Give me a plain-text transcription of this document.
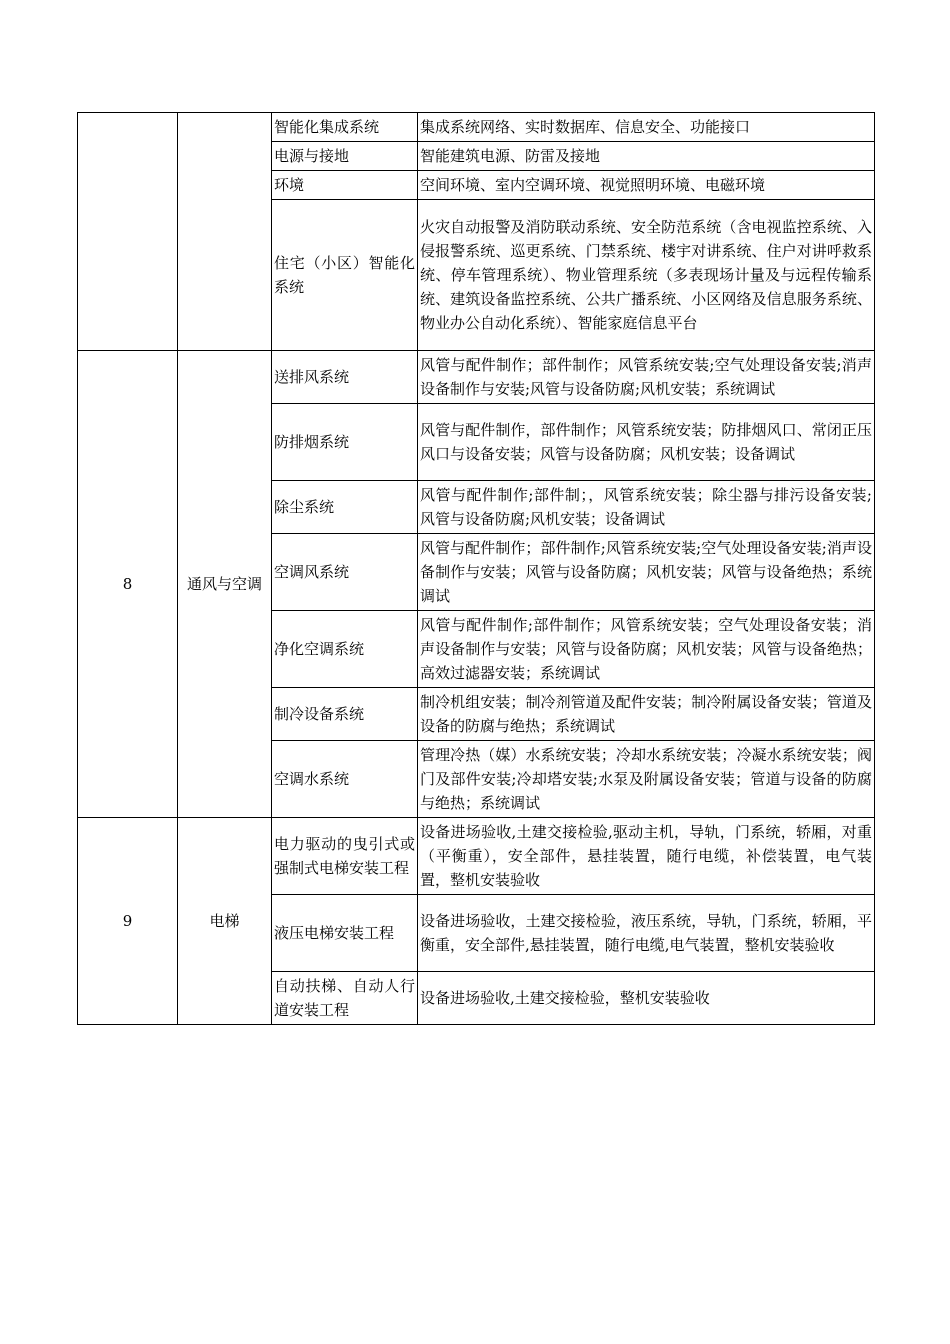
		智能化集成系统	集成系统网络、实时数据库、信息安全、功能接口
		电源与接地	智能建筑电源、防雷及接地
		环境	空间环境、室内空调环境、视觉照明环境、电磁环境
		住宅（小区）智能化系统	火灾自动报警及消防联动系统、安全防范系统（含电视监控系统、入侵报警系统、巡更系统、门禁系统、楼宇对讲系统、住户对讲呼救系统、停车管理系统）、物业管理系统（多表现场计量及与远程传输系统、建筑设备监控系统、公共广播系统、小区网络及信息服务系统、物业办公自动化系统）、智能家庭信息平台
8	通风与空调	送排风系统	风管与配件制作；部件制作；风管系统安装;空气处理设备安装;消声设备制作与安装;风管与设备防腐;风机安装；系统调试
		防排烟系统	风管与配件制作，部件制作；风管系统安装；防排烟风口、常闭正压风口与设备安装；风管与设备防腐；风机安装；设备调试
		除尘系统	风管与配件制作;部件制；，风管系统安装；除尘器与排污设备安装;风管与设备防腐;风机安装；设备调试
		空调风系统	风管与配件制作；部件制作;风管系统安装;空气处理设备安装;消声设备制作与安装；风管与设备防腐；风机安装；风管与设备绝热；系统调试
		净化空调系统	风管与配件制作;部件制作；风管系统安装；空气处理设备安装；消声设备制作与安装；风管与设备防腐；风机安装；风管与设备绝热；高效过滤器安装；系统调试
		制冷设备系统	制冷机组安装；制冷剂管道及配件安装；制冷附属设备安装；管道及设备的防腐与绝热；系统调试
		空调水系统	管理冷热（媒）水系统安装；冷却水系统安装；冷凝水系统安装；阀门及部件安装;冷却塔安装;水泵及附属设备安装；管道与设备的防腐与绝热；系统调试
9	电梯	电力驱动的曳引式或强制式电梯安装工程	设备进场验收,土建交接检验,驱动主机，导轨，门系统，轿厢，对重（平衡重），安全部件，悬挂装置，随行电缆，补偿装置，电气装置，整机安装验收
		液压电梯安装工程	设备进场验收，土建交接检验，液压系统，导轨，门系统，轿厢，平衡重，安全部件,悬挂装置，随行电缆,电气装置，整机安装验收
		自动扶梯、自动人行道安装工程	设备进场验收,土建交接检验，整机安装验收
